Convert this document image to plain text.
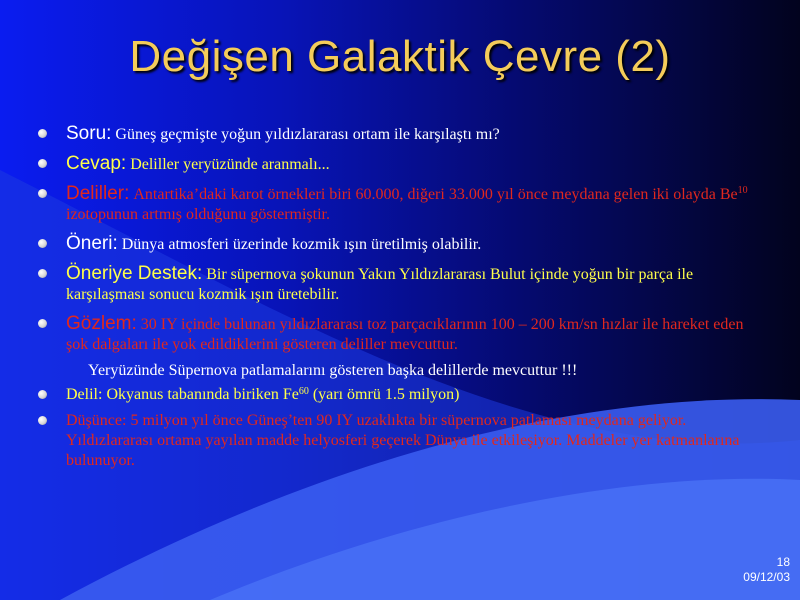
Değişen Galaktik Çevre (2)
Soru: Güneş geçmişte yoğun yıldızlararası ortam ile karşılaştı mı?
Cevap: Deliller yeryüzünde aranmalı...
Deliller: Antartika’daki karot örnekleri biri 60.000, diğeri 33.000 yıl önce meydana gelen iki olayda Be$^{10}$ izotopunun artmış olduğunu göstermiştir.
Öneri: Dünya atmosferi üzerinde kozmik ışın üretilmiş olabilir.
Öneriye Destek: Bir süpernova şokunun Yakın Yıldızlararası Bulut içinde yoğun bir parça ile karşılaşması sonucu kozmik ışın üretebilir.
Gözlem: 30 IY içinde bulunan yıldızlararası toz parçacıklarının 100 – 200 km/sn hızlar ile hareket eden şok dalgaları ile yok edildiklerini gösteren deliller mevcuttur.
Yeryüzünde Süpernova patlamalarını gösteren başka delillerde mevcuttur !!!
Delil: Okyanus tabanında biriken Fe$^{60}$ (yarı ömrü 1.5 milyon)
Düşünce: 5 milyon yıl önce Güneş’ten 90 IY uzaklıkta bir süpernova patlaması meydana geliyor. Yıldızlararası ortama yayılan madde helyosferi geçerek Dünya ile etkileşiyor. Maddeler yer katmanlarına bulunuyor.
18
09/12/03
